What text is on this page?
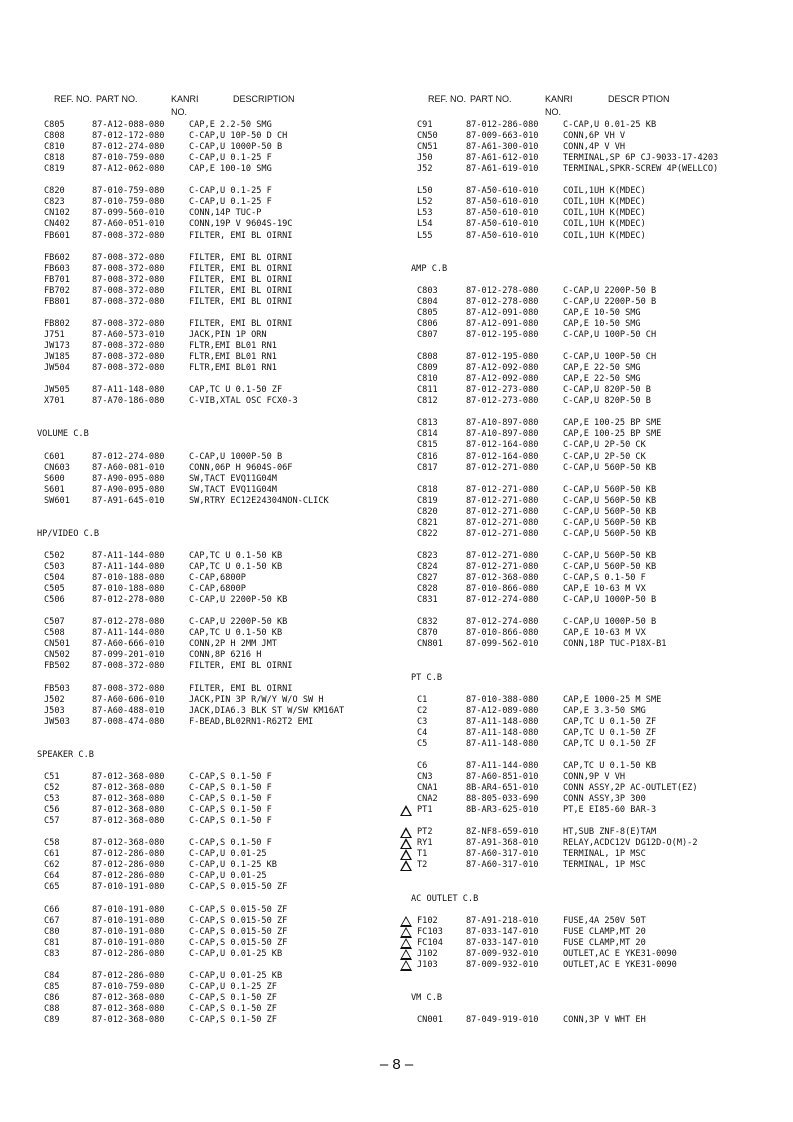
REF. NO. PART NO.	KANRI
NO.
DESCRIPTION
C805	87-A12-088-080	CAP,E 2.2-50 SMG
C808	87-012-172-080	C-CAP,U 10P-50 D CH
C810	87-012-274-080	C-CAP,U 1000P-50 B
C818	87-010-759-080	C-CAP,U 0.1-25 F
C819	87-A12-062-080	CAP,E 100-10 SMG
C820	87-010-759-080	C-CAP,U 0.1-25 F
C823	87-010-759-080	C-CAP,U 0.1-25 F
CN102	87-099-560-010	CONN,14P TUC-P
CN402	87-A60-051-010	CONN,19P V 9604S-19C
FB601	87-008-372-080	FILTER, EMI BL OIRNI
FB602	87-008-372-080	FILTER, EMI BL OIRNI
FB603	87-008-372-080	FILTER, EMI BL OIRNI
FB701	87-008-372-080	FILTER, EMI BL OIRNI
FB702	87-008-372-080	FILTER, EMI BL OIRNI
FB801	87-008-372-080	FILTER, EMI BL OIRNI
FB802	87-008-372-080	FILTER, EMI BL OIRNI
J751	87-A60-573-010	JACK,PIN 1P ORN
JW173	87-008-372-080	FLTR,EMI BL01 RN1
JW185	87-008-372-080	FLTR,EMI BL01 RN1
JW504	87-008-372-080	FLTR,EMI BL01 RN1
JW505	87-A11-148-080	CAP,TC U 0.1-50 ZF
X701	87-A70-186-080	C-VIB,XTAL OSC FCX0-3
VOLUME C.B
C601	87-012-274-080	C-CAP,U 1000P-50 B
CN603	87-A60-081-010	CONN,06P H 9604S-06F
S600	87-A90-095-080	SW,TACT EVQ11G04M
S601	87-A90-095-080	SW,TACT EVQ11G04M
SW601	87-A91-645-010	SW,RTRY EC12E24304NON-CLICK
HP/VIDEO C.B
C502	87-A11-144-080	CAP,TC U 0.1-50 KB
C503	87-A11-144-080	CAP,TC U 0.1-50 KB
C504	87-010-188-080	C-CAP,6800P
C505	87-010-188-080	C-CAP,6800P
C506	87-012-278-080	C-CAP,U 2200P-50 KB
C507	87-012-278-080	C-CAP,U 2200P-50 KB
C508	87-A11-144-080	CAP,TC U 0.1-50 KB
CN501	87-A60-666-010	CONN,2P H 2MM JMT
CN502	87-099-201-010	CONN,8P 6216 H
FB502	87-008-372-080	FILTER, EMI BL OIRNI
FB503	87-008-372-080	FILTER, EMI BL OIRNI
J502	87-A60-606-010	JACK,PIN 3P R/W/Y W/O SW H
J503	87-A60-488-010	JACK,DIA6.3 BLK ST W/SW KM16AT
JW503	87-008-474-080	F-BEAD,BL02RN1-R62T2 EMI
SPEAKER C.B
C51	87-012-368-080	C-CAP,S 0.1-50 F
C52	87-012-368-080	C-CAP,S 0.1-50 F
C53	87-012-368-080	C-CAP,S 0.1-50 F
C56	87-012-368-080	C-CAP,S 0.1-50 F
C57	87-012-368-080	C-CAP,S 0.1-50 F
C58	87-012-368-080	C-CAP,S 0.1-50 F
C61	87-012-286-080	C-CAP,U 0.01-25
C62	87-012-286-080	C-CAP,U 0.1-25 KB
C64	87-012-286-080	C-CAP,U 0.01-25
C65	87-010-191-080	C-CAP,S 0.015-50 ZF
C66	87-010-191-080	C-CAP,S 0.015-50 ZF
C67	87-010-191-080	C-CAP,S 0.015-50 ZF
C80	87-010-191-080	C-CAP,S 0.015-50 ZF
C81	87-010-191-080	C-CAP,S 0.015-50 ZF
C83	87-012-286-080	C-CAP,U 0.01-25 KB
C84	87-012-286-080	C-CAP,U 0.01-25 KB
C85	87-010-759-080	C-CAP,U 0.1-25 ZF
C86	87-012-368-080	C-CAP,S 0.1-50 ZF
C88	87-012-368-080	C-CAP,S 0.1-50 ZF
C89	87-012-368-080	C-CAP,S 0.1-50 ZF
REF. NO. PART NO.	KANRI
NO.
DESCR PTION
C91	87-012-286-080	C-CAP,U 0.01-25 KB
CN50	87-009-663-010	CONN,6P VH V
CN51	87-A61-300-010	CONN,4P V VH
J50	87-A61-612-010	TERMINAL,SP 6P CJ-9033-17-4203
J52	87-A61-619-010	TERMINAL,SPKR-SCREW 4P(WELLCO)
L50	87-A50-610-010	COIL,1UH K(MDEC)
L52	87-A50-610-010	COIL,1UH K(MDEC)
L53	87-A50-610-010	COIL,1UH K(MDEC)
L54	87-A50-610-010	COIL,1UH K(MDEC)
L55	87-A50-610-010	COIL,1UH K(MDEC)
AMP C.B
C803	87-012-278-080	C-CAP,U 2200P-50 B
C804	87-012-278-080	C-CAP,U 2200P-50 B
C805	87-A12-091-080	CAP,E 10-50 SMG
C806	87-A12-091-080	CAP,E 10-50 SMG
C807	87-012-195-080	C-CAP,U 100P-50 CH
C808	87-012-195-080	C-CAP,U 100P-50 CH
C809	87-A12-092-080	CAP,E 22-50 SMG
C810	87-A12-092-080	CAP,E 22-50 SMG
C811	87-012-273-080	C-CAP,U 820P-50 B
C812	87-012-273-080	C-CAP,U 820P-50 B
C813	87-A10-897-080	CAP,E 100-25 BP SME
C814	87-A10-897-080	CAP,E 100-25 BP SME
C815	87-012-164-080	C-CAP,U 2P-50 CK
C816	87-012-164-080	C-CAP,U 2P-50 CK
C817	87-012-271-080	C-CAP,U 560P-50 KB
C818	87-012-271-080	C-CAP,U 560P-50 KB
C819	87-012-271-080	C-CAP,U 560P-50 KB
C820	87-012-271-080	C-CAP,U 560P-50 KB
C821	87-012-271-080	C-CAP,U 560P-50 KB
C822	87-012-271-080	C-CAP,U 560P-50 KB
C823	87-012-271-080	C-CAP,U 560P-50 KB
C824	87-012-271-080	C-CAP,U 560P-50 KB
C827	87-012-368-080	C-CAP,S 0.1-50 F
C828	87-010-866-080	CAP,E 10-63 M VX
C831	87-012-274-080	C-CAP,U 1000P-50 B
C832	87-012-274-080	C-CAP,U 1000P-50 B
C870	87-010-866-080	CAP,E 10-63 M VX
CN801	87-099-562-010	CONN,18P TUC-P18X-B1
PT C.B
C1	87-010-388-080	CAP,E 1000-25 M SME
C2	87-A12-089-080	CAP,E 3.3-50 SMG
C3	87-A11-148-080	CAP,TC U 0.1-50 ZF
C4	87-A11-148-080	CAP,TC U 0.1-50 ZF
C5	87-A11-148-080	CAP,TC U 0.1-50 ZF
C6	87-A11-144-080	CAP,TC U 0.1-50 KB
CN3	87-A60-851-010	CONN,9P V VH
CNA1	8B-AR4-651-010	CONN ASSY,2P AC-OUTLET(EZ)
CNA2	88-805-033-690	CONN ASSY,3P 300
PT1	8B-AR3-625-010	PT,E EI85-60 BAR-3
PT2	8Z-NF8-659-010	HT,SUB ZNF-8(E)TAM
RY1	87-A91-368-010	RELAY,ACDC12V DG12D-O(M)-2
T1	87-A60-317-010	TERMINAL, 1P MSC
T2	87-A60-317-010	TERMINAL, 1P MSC
AC OUTLET C.B
F102	87-A91-218-010	FUSE,4A 250V 50T
FC103	87-033-147-010	FUSE CLAMP,MT 20
FC104	87-033-147-010	FUSE CLAMP,MT 20
J102	87-009-932-010	OUTLET,AC E YKE31-0090
J103	87-009-932-010	OUTLET,AC E YKE31-0090
VM C.B
CN001	87-049-919-010	CONN,3P V WHT EH
– 8 –
